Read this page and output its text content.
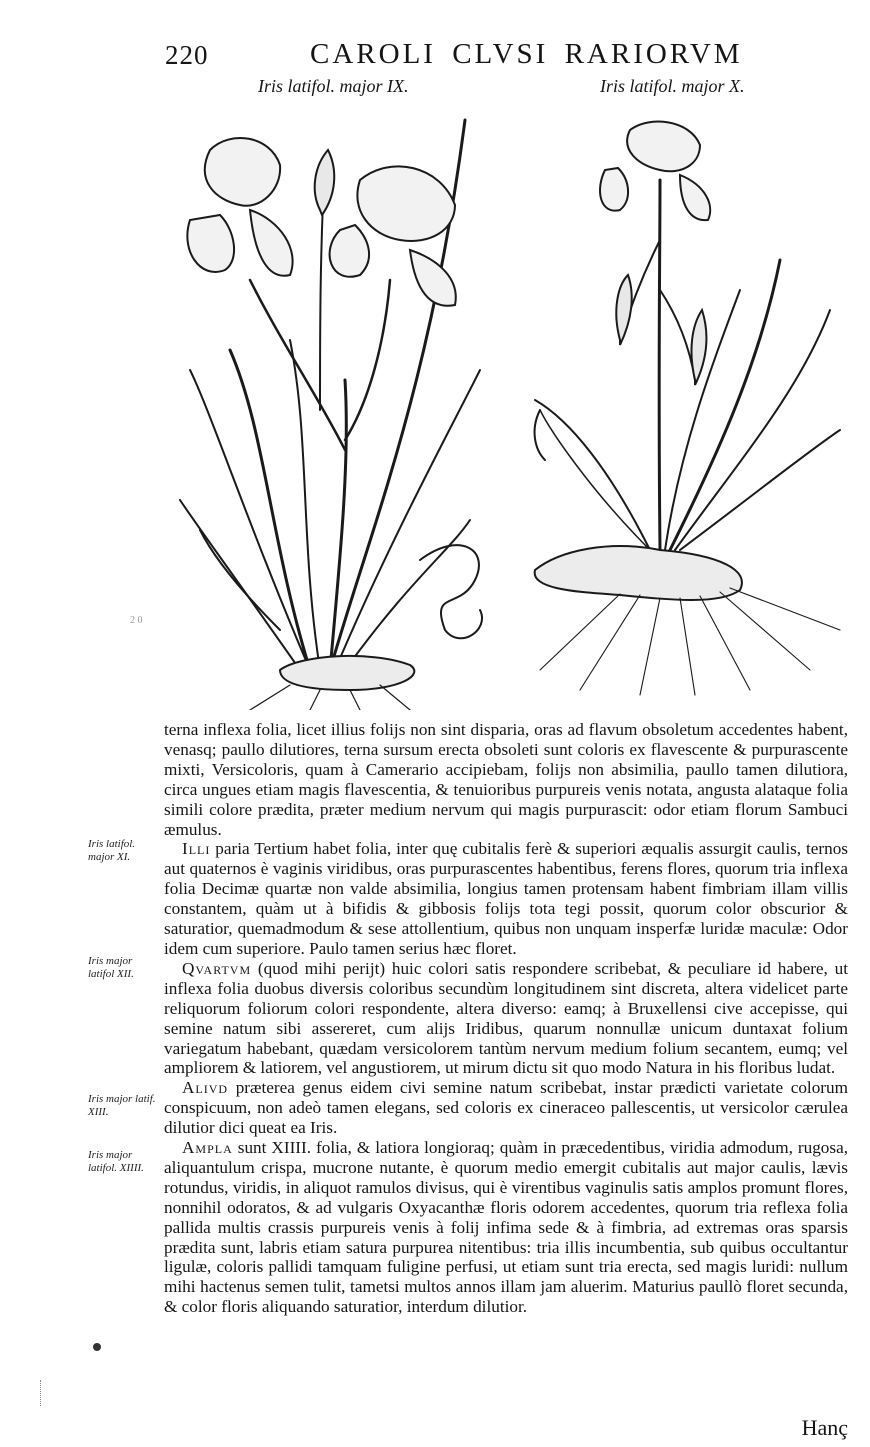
220	CAROLI CLVSI RARIORVM
Iris latifol. major IX.	Iris latifol. major X.
2 0
Iris latifol. major XI.
Iris major latifol XII.
Iris major latif. XIII.
Iris major latifol. XIIII.

terna inflexa folia, licet illius folijs non sint disparia, oras ad flavum obsoletum accedentes habent, venasq; paullo dilutiores, terna sursum erecta obsoleti sunt coloris ex flavescente & purpurascente mixti, Versicoloris, quam à Camerario accipiebam, folijs non absimilia, paullo tamen dilutiora, circa ungues etiam magis flavescentia, & tenuioribus purpureis venis notata, angusta alataque folia simili colore prædita, præter medium nervum qui magis purpurascit: odor etiam florum Sambuci æmulus.

Illi paria Tertium habet folia, inter quę cubitalis ferè & superiori æqualis assurgit caulis, ternos aut quaternos è vaginis viridibus, oras purpurascentes habentibus, ferens flores, quorum tria inflexa folia Decimæ quartæ non valde absimilia, longius tamen protensam habent fimbriam illam villis constantem, quàm ut à bifidis & gibbosis folijs tota tegi possit, quorum color obscurior & saturatior, quemadmodum & sese attollentium, quibus non unquam insperfæ luridæ maculæ: Odor idem cum superiore. Paulo tamen serius hæc floret.

Qvartvm (quod mihi perijt) huic colori satis respondere scribebat, & peculiare id habere, ut inflexa folia duobus diversis coloribus secundùm longitudinem sint discreta, altera videlicet parte reliquorum foliorum colori respondente, altera diverso: eamq; à Bruxellensi cive accepisse, qui semine natum sibi assereret, cum alijs Iridibus, quarum nonnullæ unicum duntaxat folium variegatum habebant, quædam versicolorem tantùm nervum medium folium secantem, eumq; vel ampliorem & latiorem, vel angustiorem, ut mirum dictu sit quo modo Natura in his floribus ludat.

Alivd præterea genus eidem civi semine natum scribebat, instar prædicti varietate colorum conspicuum, non adeò tamen elegans, sed coloris ex cineraceo pallescentis, ut versicolor cærulea dilutior dici queat ea Iris.

Ampla sunt XIIII. folia, & latiora longioraq; quàm in præcedentibus, viridia admodum, rugosa, aliquantulum crispa, mucrone nutante, è quorum medio emergit cubitalis aut major caulis, lævis rotundus, viridis, in aliquot ramulos divisus, qui è virentibus vaginulis satis amplos promunt flores, nonnihil odoratos, & ad vulgaris Oxyacanthæ floris odorem accedentes, quorum tria reflexa folia pallida multis crassis purpureis venis à folij infima sede & à fimbria, ad extremas oras sparsis prædita sunt, labris etiam satura purpurea nitentibus: tria illis incumbentia, sub quibus occultantur ligulæ, coloris pallidi tamquam fuligine perfusi, ut etiam sunt tria erecta, sed magis luridi: nullum mihi hactenus semen tulit, tametsi multos annos illam jam aluerim. Maturius paullò floret secunda, & color floris aliquando saturatior, interdum dilutior.

Hanç
